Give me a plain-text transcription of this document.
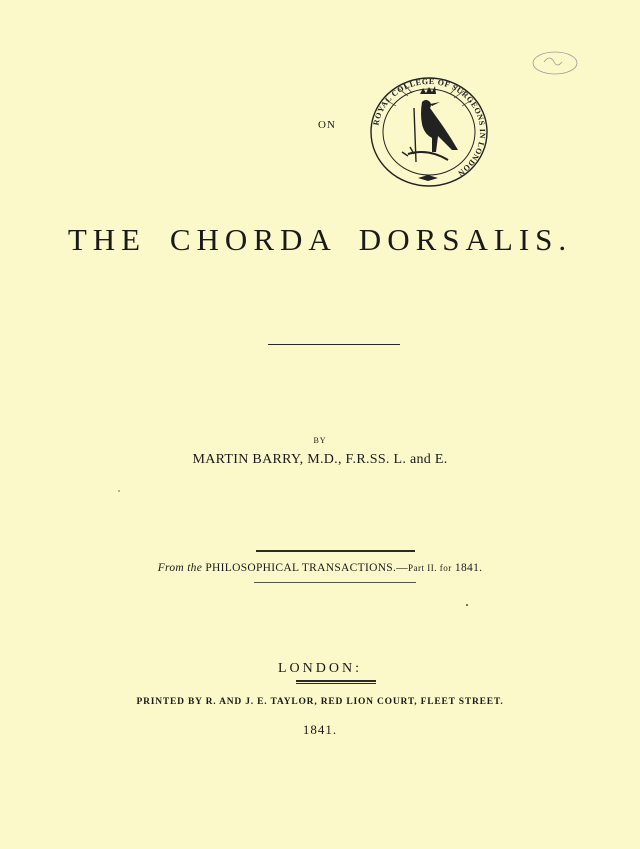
ON	ROYAL COLLEGE OF SURGEONS IN LONDON
THE CHORDA DORSALIS.
BY
MARTIN BARRY, M.D., F.R.SS. L. and E.
From the PHILOSOPHICAL TRANSACTIONS.—Part II. for 1841.
LONDON:
PRINTED BY R. AND J. E. TAYLOR, RED LION COURT, FLEET STREET.
1841.
